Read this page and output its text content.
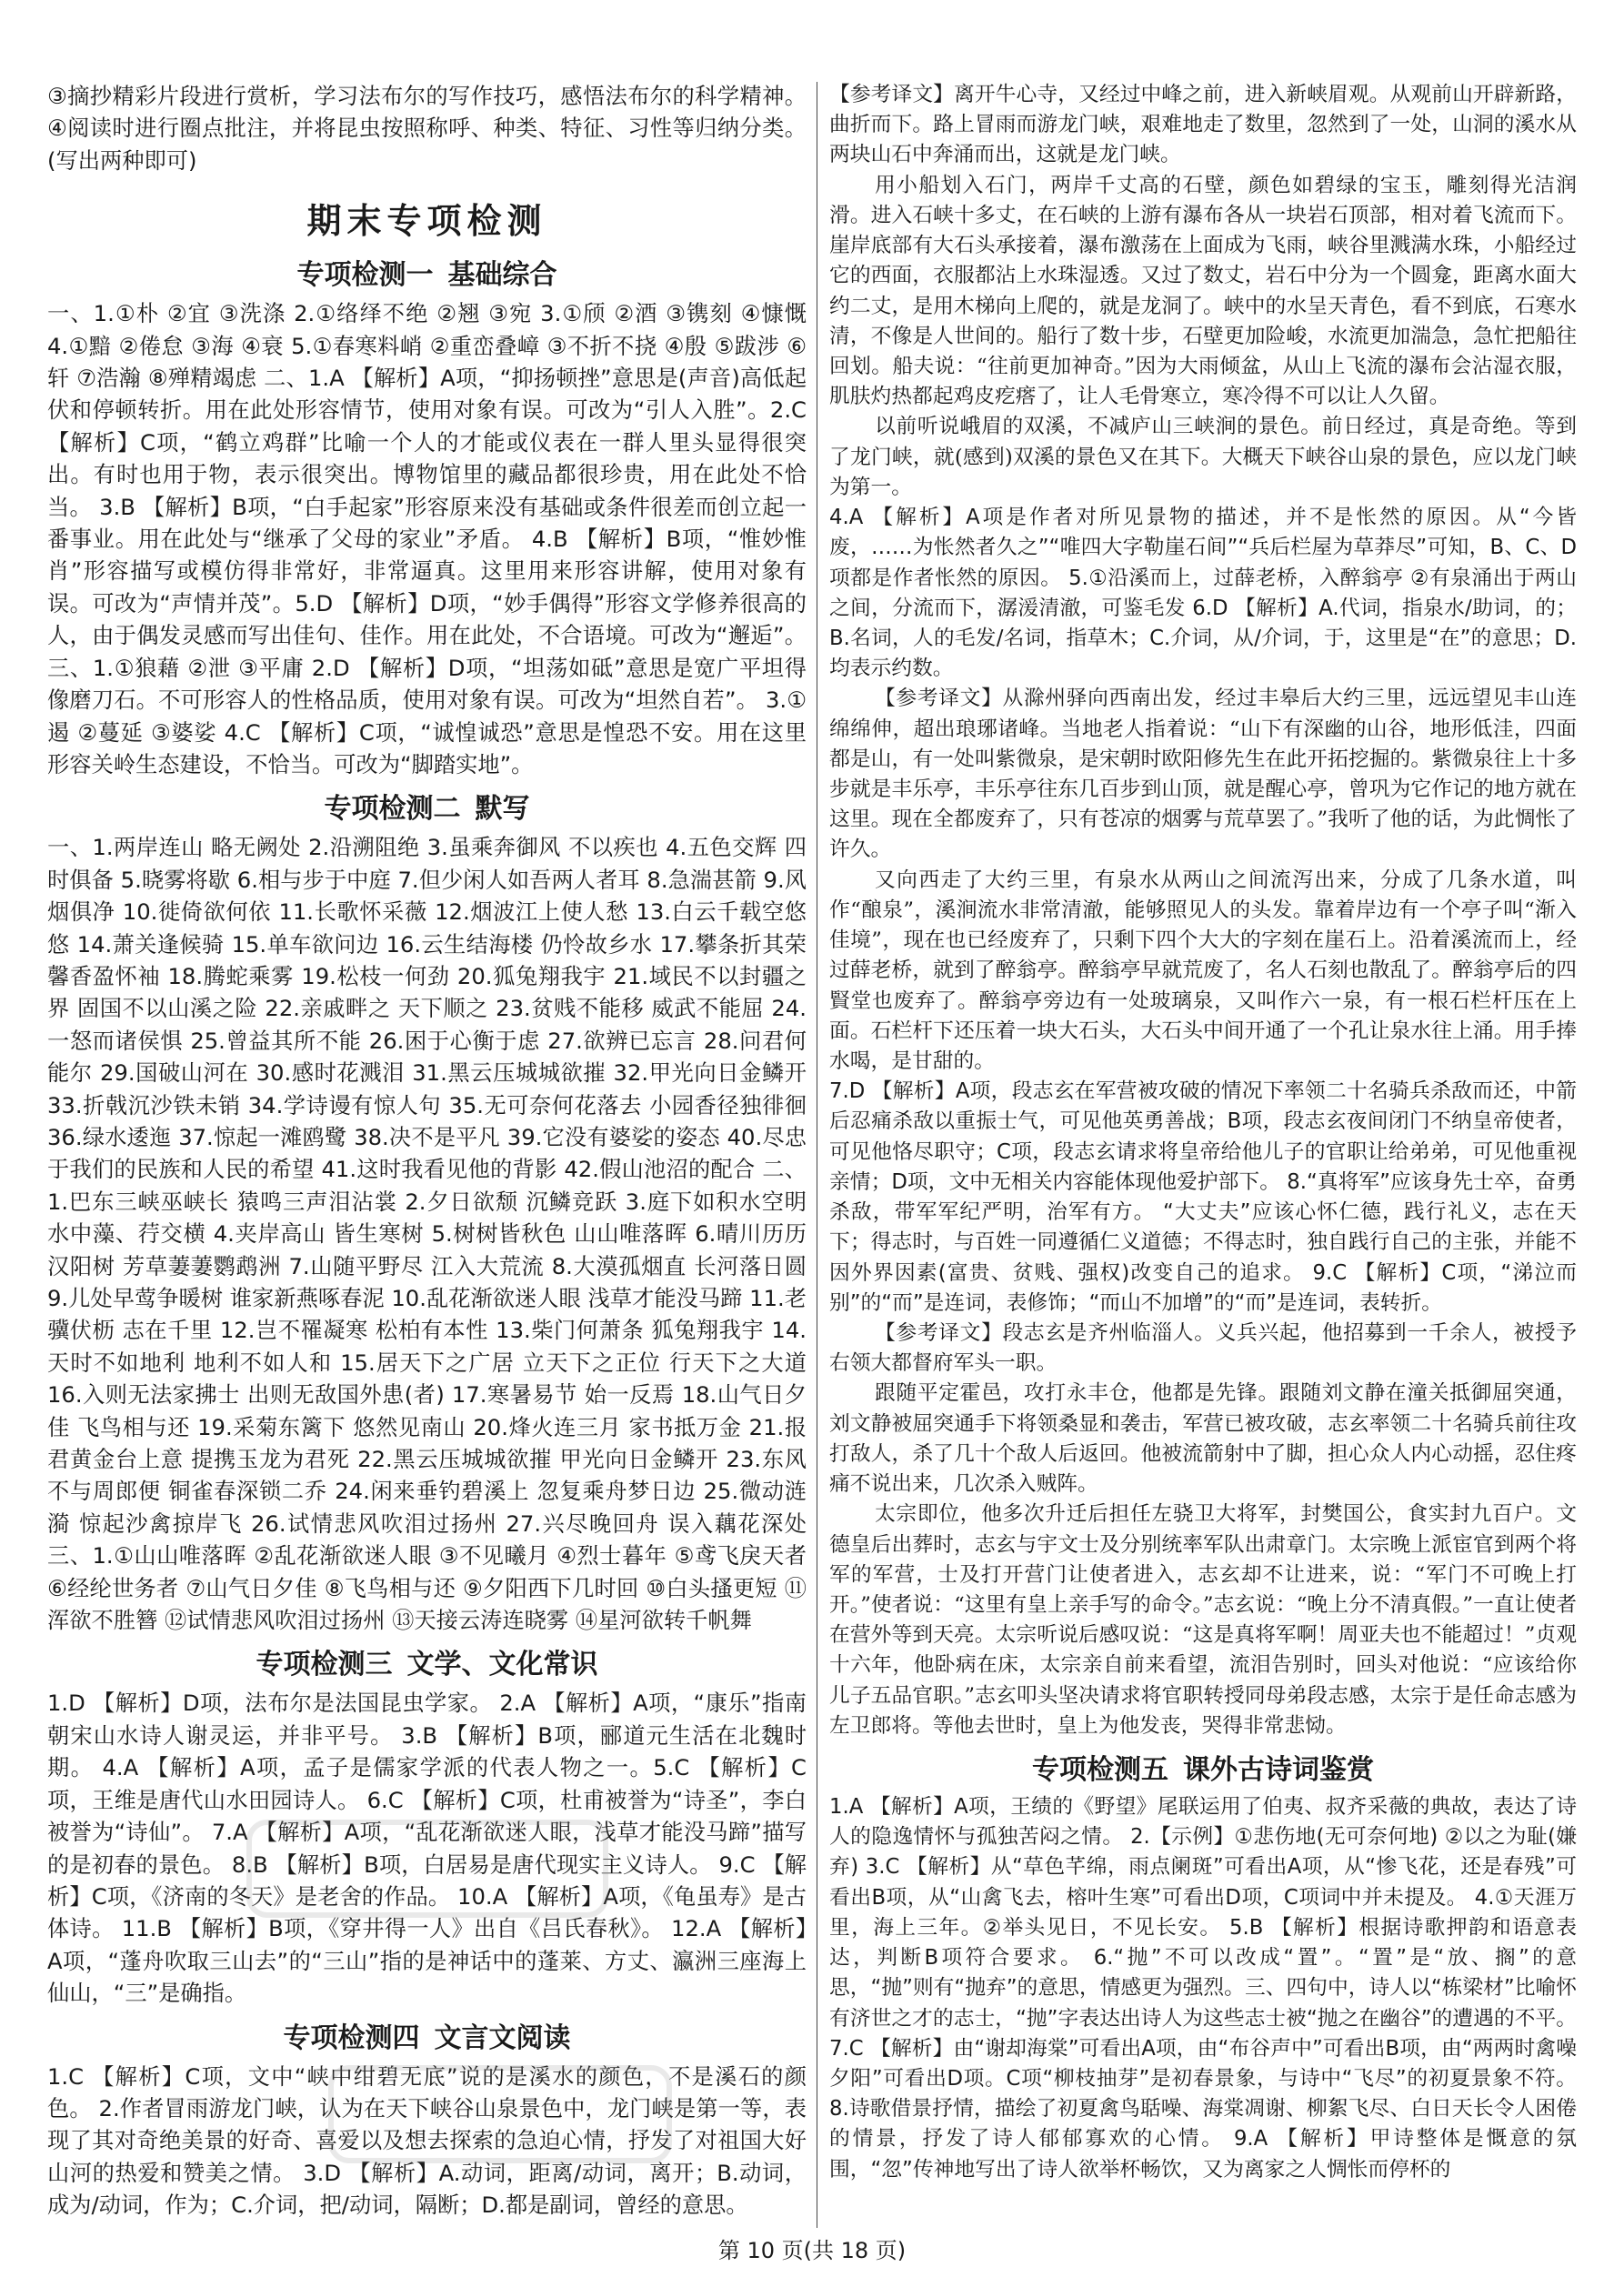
③摘抄精彩片段进行赏析，学习法布尔的写作技巧，感悟法布尔的科学精神。④阅读时进行圈点批注，并将昆虫按照称呼、种类、特征、习性等归纳分类。(写出两种即可)

期末专项检测
专项检测一 基础综合

一、1.①朴 ②宜 ③洗涤 2.①络绎不绝 ②翘 ③宛 3.①颀 ②酒 ③镌刻 ④慷慨 4.①黯 ②倦怠 ③海 ④衰 5.①春寒料峭 ②重峦叠嶂 ③不折不挠 ④殷 ⑤跋涉 ⑥轩 ⑦浩瀚 ⑧殚精竭虑 二、1.A 【解析】A项，“抑扬顿挫”意思是(声音)高低起伏和停顿转折。用在此处形容情节，使用对象有误。可改为“引人入胜”。2.C 【解析】C项，“鹤立鸡群”比喻一个人的才能或仪表在一群人里头显得很突出。有时也用于物，表示很突出。博物馆里的藏品都很珍贵，用在此处不恰当。 3.B 【解析】B项，“白手起家”形容原来没有基础或条件很差而创立起一番事业。用在此处与“继承了父母的家业”矛盾。 4.B 【解析】B项，“惟妙惟肖”形容描写或模仿得非常好，非常逼真。这里用来形容讲解，使用对象有误。可改为“声情并茂”。5.D 【解析】D项，“妙手偶得”形容文学修养很高的人，由于偶发灵感而写出佳句、佳作。用在此处，不合语境。可改为“邂逅”。 三、1.①狼藉 ②泄 ③平庸 2.D 【解析】D项，“坦荡如砥”意思是宽广平坦得像磨刀石。不可形容人的性格品质，使用对象有误。可改为“坦然自若”。 3.①遏 ②蔓延 ③婆娑 4.C 【解析】C项，“诚惶诚恐”意思是惶恐不安。用在这里形容关岭生态建设，不恰当。可改为“脚踏实地”。

专项检测二 默写

一、1.两岸连山 略无阙处 2.沿溯阻绝 3.虽乘奔御风 不以疾也 4.五色交辉 四时俱备 5.晓雾将歇 6.相与步于中庭 7.但少闲人如吾两人者耳 8.急湍甚箭 9.风烟俱净 10.徙倚欲何依 11.长歌怀采薇 12.烟波江上使人愁 13.白云千载空悠悠 14.萧关逢候骑 15.单车欲问边 16.云生结海楼 仍怜故乡水 17.攀条折其荣 馨香盈怀袖 18.腾蛇乘雾 19.松枝一何劲 20.狐兔翔我宇 21.域民不以封疆之界 固国不以山溪之险 22.亲戚畔之 天下顺之 23.贫贱不能移 威武不能屈 24.一怒而诸侯惧 25.曾益其所不能 26.困于心衡于虑 27.欲辨已忘言 28.问君何能尔 29.国破山河在 30.感时花溅泪 31.黑云压城城欲摧 32.甲光向日金鳞开 33.折戟沉沙铁未销 34.学诗谩有惊人句 35.无可奈何花落去 小园香径独徘徊 36.绿水逶迤 37.惊起一滩鸥鹭 38.决不是平凡 39.它没有婆娑的姿态 40.尽忠于我们的民族和人民的希望 41.这时我看见他的背影 42.假山池沼的配合 二、1.巴东三峡巫峡长 猿鸣三声泪沾裳 2.夕日欲颓 沉鳞竞跃 3.庭下如积水空明 水中藻、荇交横 4.夹岸高山 皆生寒树 5.树树皆秋色 山山唯落晖 6.晴川历历汉阳树 芳草萋萋鹦鹉洲 7.山随平野尽 江入大荒流 8.大漠孤烟直 长河落日圆 9.儿处早莺争暖树 谁家新燕啄春泥 10.乱花渐欲迷人眼 浅草才能没马蹄 11.老骥伏枥 志在千里 12.岂不罹凝寒 松柏有本性 13.柴门何萧条 狐兔翔我宇 14.天时不如地利 地利不如人和 15.居天下之广居 立天下之正位 行天下之大道 16.入则无法家拂士 出则无敌国外患(者) 17.寒暑易节 始一反焉 18.山气日夕佳 飞鸟相与还 19.采菊东篱下 悠然见南山 20.烽火连三月 家书抵万金 21.报君黄金台上意 提携玉龙为君死 22.黑云压城城欲摧 甲光向日金鳞开 23.东风不与周郎便 铜雀春深锁二乔 24.闲来垂钓碧溪上 忽复乘舟梦日边 25.微动涟漪 惊起沙禽掠岸飞 26.试情悲风吹泪过扬州 27.兴尽晚回舟 误入藕花深处 三、1.①山山唯落晖 ②乱花渐欲迷人眼 ③不见曦月 ④烈士暮年 ⑤鸢飞戾天者 ⑥经纶世务者 ⑦山气日夕佳 ⑧飞鸟相与还 ⑨夕阳西下几时回 ⑩白头搔更短 ⑪浑欲不胜簪 ⑫试情悲风吹泪过扬州 ⑬天接云涛连晓雾 ⑭星河欲转千帆舞

专项检测三 文学、文化常识

1.D 【解析】D项，法布尔是法国昆虫学家。 2.A 【解析】A项，“康乐”指南朝宋山水诗人谢灵运，并非平号。 3.B 【解析】B项，郦道元生活在北魏时期。 4.A 【解析】A项，孟子是儒家学派的代表人物之一。5.C 【解析】C项，王维是唐代山水田园诗人。 6.C 【解析】C项，杜甫被誉为“诗圣”，李白被誉为“诗仙”。 7.A 【解析】A项，“乱花渐欲迷人眼，浅草才能没马蹄”描写的是初春的景色。 8.B 【解析】B项，白居易是唐代现实主义诗人。 9.C 【解析】C项，《济南的冬天》是老舍的作品。 10.A 【解析】A项，《龟虽寿》是古体诗。 11.B 【解析】B项，《穿井得一人》出自《吕氏春秋》。 12.A 【解析】A项，“蓬舟吹取三山去”的“三山”指的是神话中的蓬莱、方丈、瀛洲三座海上仙山，“三”是确指。

专项检测四 文言文阅读

1.C 【解析】C项，文中“峡中绀碧无底”说的是溪水的颜色，不是溪石的颜色。 2.作者冒雨游龙门峡，认为在天下峡谷山泉景色中，龙门峡是第一等，表现了其对奇绝美景的好奇、喜爱以及想去探索的急迫心情，抒发了对祖国大好山河的热爱和赞美之情。 3.D 【解析】A.动词，距离/动词，离开；B.动词，成为/动词，作为；C.介词，把/动词，隔断；D.都是副词，曾经的意思。

【参考译文】离开牛心寺，又经过中峰之前，进入新峡眉观。从观前山开辟新路，曲折而下。路上冒雨而游龙门峡，艰难地走了数里，忽然到了一处，山洞的溪水从两块山石中奔涌而出，这就是龙门峡。

用小船划入石门，两岸千丈高的石壁，颜色如碧绿的宝玉，雕刻得光洁润滑。进入石峡十多丈，在石峡的上游有瀑布各从一块岩石顶部，相对着飞流而下。崖岸底部有大石头承接着，瀑布激荡在上面成为飞雨，峡谷里溅满水珠，小船经过它的西面，衣服都沾上水珠湿透。又过了数丈，岩石中分为一个圆龛，距离水面大约二丈，是用木梯向上爬的，就是龙洞了。峡中的水呈天青色，看不到底，石寒水清，不像是人世间的。船行了数十步，石壁更加险峻，水流更加湍急，急忙把船往回划。船夫说：“往前更加神奇。”因为大雨倾盆，从山上飞流的瀑布会沾湿衣服，肌肤灼热都起鸡皮疙瘩了，让人毛骨寒立，寒冷得不可以让人久留。

以前听说峨眉的双溪，不减庐山三峡涧的景色。前日经过，真是奇绝。等到了龙门峡，就(感到)双溪的景色又在其下。大概天下峡谷山泉的景色，应以龙门峡为第一。

4.A 【解析】A项是作者对所见景物的描述，并不是怅然的原因。从“今皆废，……为怅然者久之”“唯四大字勒崖石间”“兵后栏屋为草莽尽”可知，B、C、D项都是作者怅然的原因。 5.①沿溪而上，过薛老桥，入醉翁亭 ②有泉涌出于两山之间，分流而下，潺湲清澈，可鉴毛发 6.D 【解析】A.代词，指泉水/助词，的；B.名词，人的毛发/名词，指草木；C.介词，从/介词，于，这里是“在”的意思；D.均表示约数。

【参考译文】从滁州驿向西南出发，经过丰皋后大约三里，远远望见丰山连绵绵伸，超出琅琊诸峰。当地老人指着说：“山下有深幽的山谷，地形低洼，四面都是山，有一处叫紫微泉，是宋朝时欧阳修先生在此开拓挖掘的。紫微泉往上十多步就是丰乐亭，丰乐亭往东几百步到山顶，就是醒心亭，曾巩为它作记的地方就在这里。现在全都废弃了，只有苍凉的烟雾与荒草罢了。”我听了他的话，为此惆怅了许久。

又向西走了大约三里，有泉水从两山之间流泻出来，分成了几条水道，叫作“酿泉”，溪涧流水非常清澈，能够照见人的头发。靠着岸边有一个亭子叫“渐入佳境”，现在也已经废弃了，只剩下四个大大的字刻在崖石上。沿着溪流而上，经过薛老桥，就到了醉翁亭。醉翁亭早就荒废了，名人石刻也散乱了。醉翁亭后的四賢堂也废弃了。醉翁亭旁边有一处玻璃泉，又叫作六一泉，有一根石栏杆压在上面。石栏杆下还压着一块大石头，大石头中间开通了一个孔让泉水往上涌。用手捧水喝，是甘甜的。

7.D 【解析】A项，段志玄在军营被攻破的情况下率领二十名骑兵杀敌而还，中箭后忍痛杀敌以重振士气，可见他英勇善战；B项，段志玄夜间闭门不纳皇帝使者，可见他恪尽职守；C项，段志玄请求将皇帝给他儿子的官职让给弟弟，可见他重视亲情；D项，文中无相关内容能体现他爱护部下。 8.“真将军”应该身先士卒，奋勇杀敌，带军军纪严明，治军有方。 “大丈夫”应该心怀仁德，践行礼义，志在天下；得志时，与百姓一同遵循仁义道德；不得志时，独自践行自己的主张，并能不因外界因素(富贵、贫贱、强权)改变自己的追求。 9.C 【解析】C项，“涕泣而别”的“而”是连词，表修饰；“而山不加增”的“而”是连词，表转折。

【参考译文】段志玄是齐州临淄人。义兵兴起，他招募到一千余人，被授予右领大都督府军头一职。

跟随平定霍邑，攻打永丰仓，他都是先锋。跟随刘文静在潼关抵御屈突通，刘文静被屈突通手下将领桑显和袭击，军营已被攻破，志玄率领二十名骑兵前往攻打敌人，杀了几十个敌人后返回。他被流箭射中了脚，担心众人内心动摇，忍住疼痛不说出来，几次杀入贼阵。

太宗即位，他多次升迁后担任左骁卫大将军，封樊国公，食实封九百户。文德皇后出葬时，志玄与宇文士及分别统率军队出肃章门。太宗晚上派宦官到两个将军的军营，士及打开营门让使者进入，志玄却不让进来，说：“军门不可晚上打开。”使者说：“这里有皇上亲手写的命令。”志玄说：“晚上分不清真假。”一直让使者在营外等到天亮。太宗听说后感叹说：“这是真将军啊！周亚夫也不能超过！”贞观十六年，他卧病在床，太宗亲自前来看望，流泪告别时，回头对他说：“应该给你儿子五品官职。”志玄叩头坚决请求将官职转授同母弟段志感，太宗于是任命志感为左卫郎将。等他去世时，皇上为他发丧，哭得非常悲恸。

专项检测五 课外古诗词鉴赏

1.A 【解析】A项，王绩的《野望》尾联运用了伯夷、叔齐采薇的典故，表达了诗人的隐逸情怀与孤独苦闷之情。 2.【示例】①悲伤地(无可奈何地) ②以之为耻(嫌弃) 3.C 【解析】从“草色芊绵，雨点阑斑”可看出A项，从“惨飞花，还是春残”可看出B项，从“山禽飞去，榕叶生寒”可看出D项，C项词中并未提及。 4.①天涯万里，海上三年。②举头见日，不见长安。 5.B 【解析】根据诗歌押韵和语意表达，判断B项符合要求。 6.“抛”不可以改成“置”。“置”是“放、搁”的意思，“抛”则有“抛弃”的意思，情感更为强烈。三、四句中，诗人以“栋梁材”比喻怀有济世之才的志士，“抛”字表达出诗人为这些志士被“抛之在幽谷”的遭遇的不平。 7.C 【解析】由“谢却海棠”可看出A项，由“布谷声中”可看出B项，由“两两时禽噪夕阳”可看出D项。C项“柳枝抽芽”是初春景象，与诗中“飞尽”的初夏景象不符。 8.诗歌借景抒情，描绘了初夏禽鸟聒噪、海棠凋谢、柳絮飞尽、白日天长令人困倦的情景，抒发了诗人郁郁寡欢的心情。 9.A 【解析】甲诗整体是慨意的氛围，“忽”传神地写出了诗人欲举杯畅饮，又为离家之人惆怅而停杯的

第 10 页(共 18 页)
